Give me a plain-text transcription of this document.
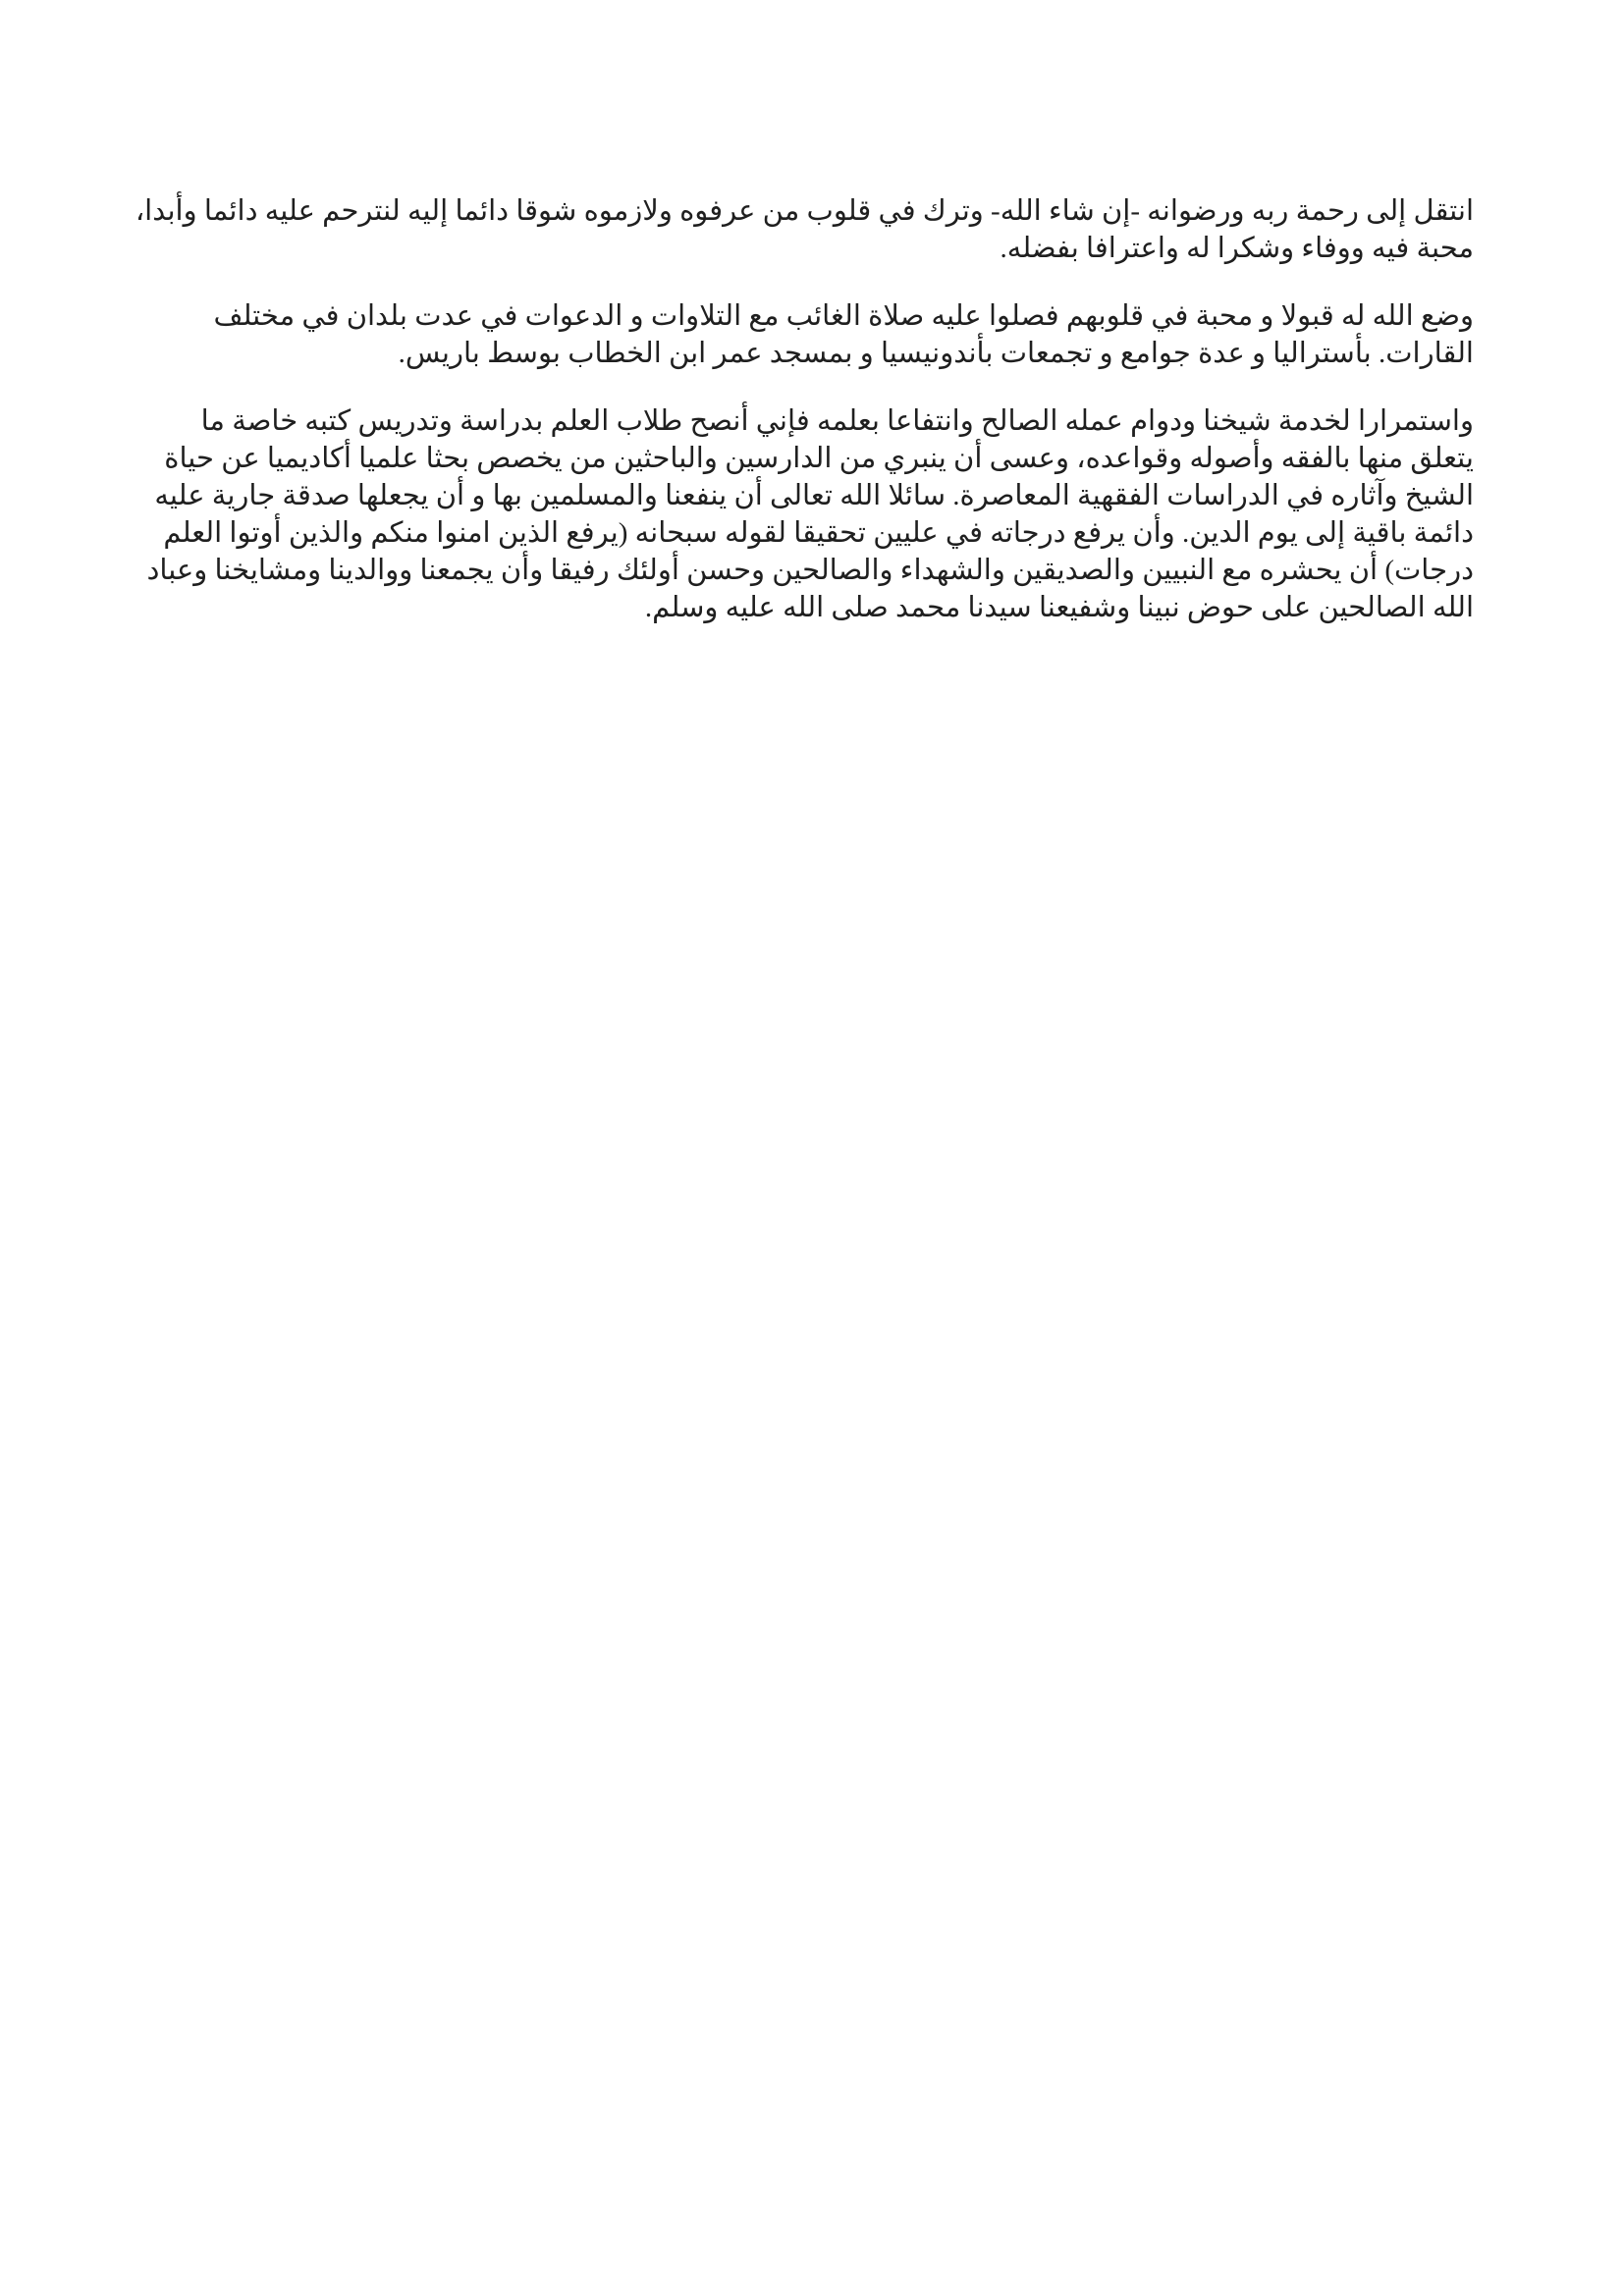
انتقل إلى رحمة ربه ورضوانه -إن شاء الله- وترك في قلوب من عرفوه ولازموه شوقا دائما إليه لنترحم عليه دائما وأبدا،
محبة فيه ووفاء وشكرا له واعترافا بفضله.
وضع الله له قبولا و محبة في قلوبهم فصلوا عليه صلاة الغائب مع التلاوات و الدعوات في عدت بلدان في مختلف
القارات. بأستراليا و عدة جوامع و تجمعات بأندونيسيا و بمسجد عمر ابن الخطاب بوسط باريس.
واستمرارا لخدمة شيخنا ودوام عمله الصالح وانتفاعا بعلمه فإني أنصح طلاب العلم بدراسة وتدريس كتبه خاصة ما
يتعلق منها بالفقه وأصوله وقواعده، وعسى أن ينبري من الدارسين والباحثين من يخصص بحثا علميا أكاديميا عن حياة
الشيخ وآثاره في الدراسات الفقهية المعاصرة. سائلا الله تعالى أن ينفعنا والمسلمين بها و أن يجعلها صدقة جارية عليه
دائمة باقية إلى يوم الدين. وأن يرفع درجاته في عليين تحقيقا لقوله سبحانه (يرفع الذين امنوا منكم والذين أوتوا العلم
درجات) أن يحشره مع النبيين والصديقين والشهداء والصالحين وحسن أولئك رفيقا وأن يجمعنا ووالدينا ومشايخنا وعباد
الله الصالحين على حوض نبينا وشفيعنا سيدنا محمد صلى الله عليه وسلم.
